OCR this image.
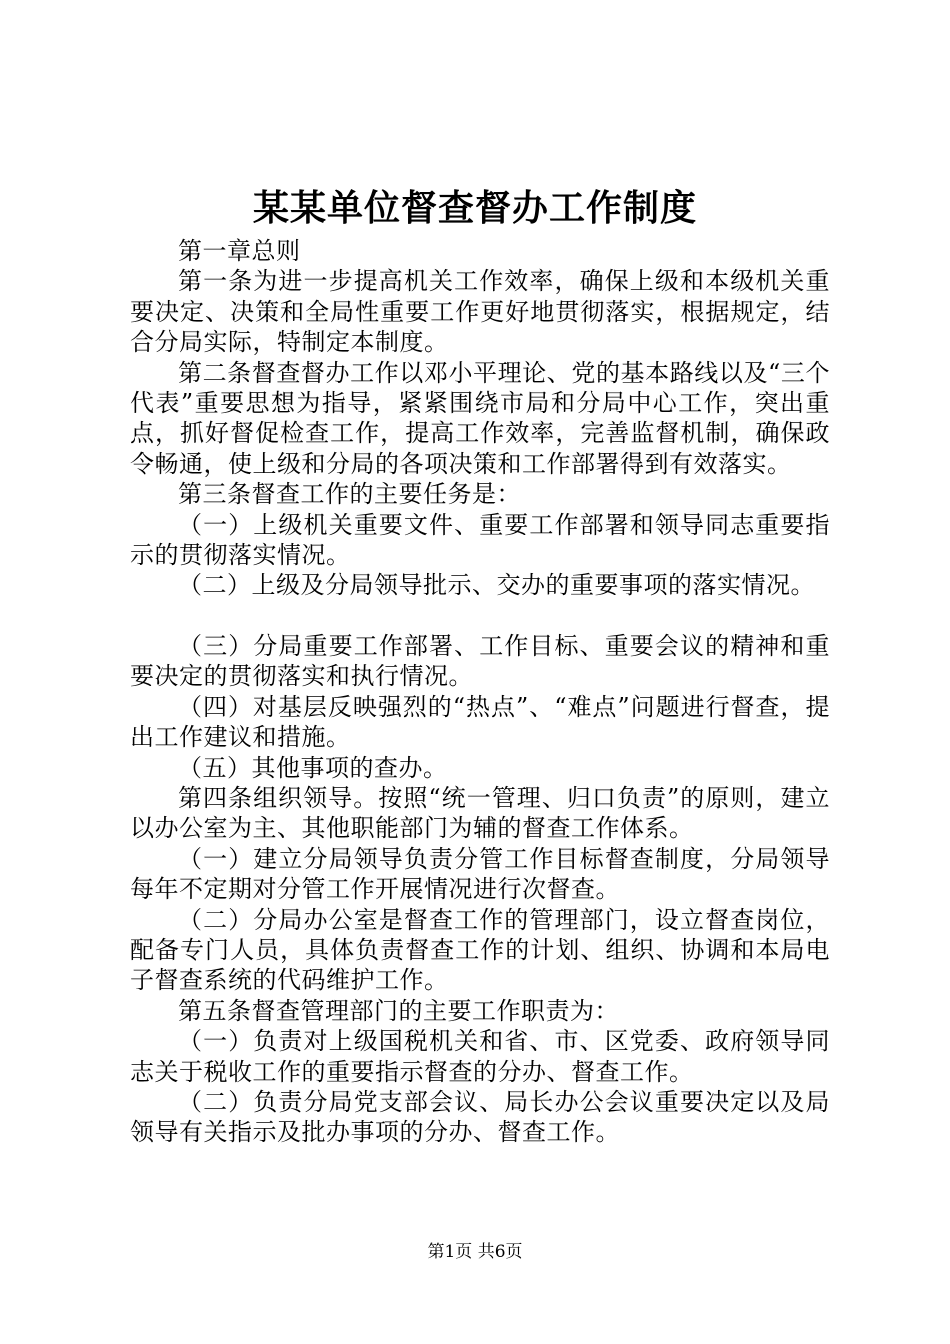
某某单位督查督办工作制度

第一章总则

第一条为进一步提高机关工作效率，确保上级和本级机关重要决定、决策和全局性重要工作更好地贯彻落实，根据规定，结合分局实际，特制定本制度。

第二条督查督办工作以邓小平理论、党的基本路线以及“三个代表”重要思想为指导，紧紧围绕市局和分局中心工作，突出重点，抓好督促检查工作，提高工作效率，完善监督机制，确保政令畅通，使上级和分局的各项决策和工作部署得到有效落实。

第三条督查工作的主要任务是：

（一）上级机关重要文件、重要工作部署和领导同志重要指示的贯彻落实情况。

（二）上级及分局领导批示、交办的重要事项的落实情况。

（三）分局重要工作部署、工作目标、重要会议的精神和重要决定的贯彻落实和执行情况。

（四）对基层反映强烈的“热点”、“难点”问题进行督查，提出工作建议和措施。

（五）其他事项的查办。

第四条组织领导。按照“统一管理、归口负责”的原则，建立以办公室为主、其他职能部门为辅的督查工作体系。

（一）建立分局领导负责分管工作目标督查制度，分局领导每年不定期对分管工作开展情况进行次督查。

（二）分局办公室是督查工作的管理部门，设立督查岗位，配备专门人员，具体负责督查工作的计划、组织、协调和本局电子督查系统的代码维护工作。

第五条督查管理部门的主要工作职责为：

（一）负责对上级国税机关和省、市、区党委、政府领导同志关于税收工作的重要指示督查的分办、督查工作。

（二）负责分局党支部会议、局长办公会议重要决定以及局领导有关指示及批办事项的分办、督查工作。

第1页 共6页
